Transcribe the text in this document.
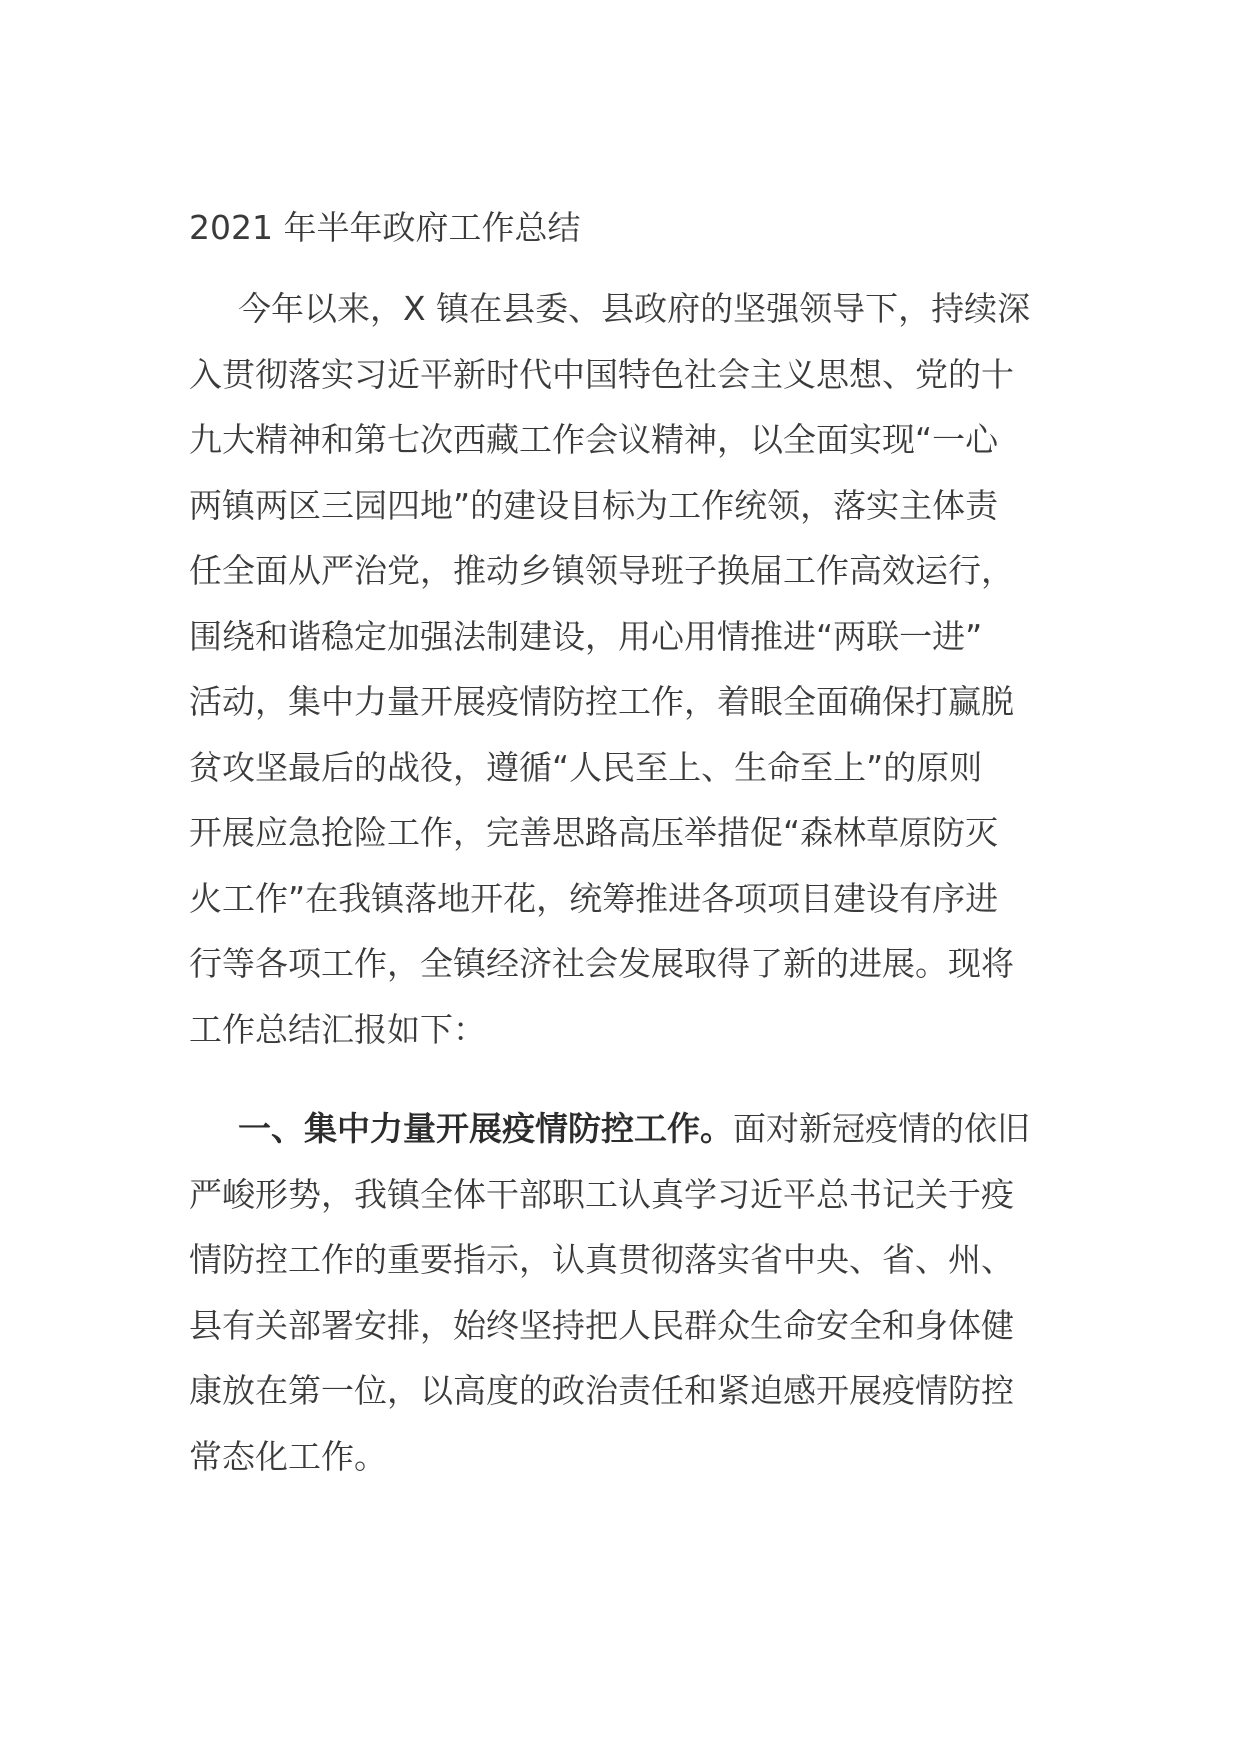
2021 年半年政府工作总结

今年以来，X 镇在县委、县政府的坚强领导下，持续深
入贯彻落实习近平新时代中国特色社会主义思想、党的十
九大精神和第七次西藏工作会议精神，以全面实现“一心
两镇两区三园四地”的建设目标为工作统领，落实主体责
任全面从严治党，推动乡镇领导班子换届工作高效运行，
围绕和谐稳定加强法制建设，用心用情推进“两联一进”
活动，集中力量开展疫情防控工作，着眼全面确保打赢脱
贫攻坚最后的战役，遵循“人民至上、生命至上”的原则
开展应急抢险工作，完善思路高压举措促“森林草原防灭
火工作”在我镇落地开花，统筹推进各项项目建设有序进
行等各项工作，全镇经济社会发展取得了新的进展。现将
工作总结汇报如下：

一、集中力量开展疫情防控工作。面对新冠疫情的依旧
严峻形势，我镇全体干部职工认真学习近平总书记关于疫
情防控工作的重要指示，认真贯彻落实省中央、省、州、
县有关部署安排，始终坚持把人民群众生命安全和身体健
康放在第一位，以高度的政治责任和紧迫感开展疫情防控
常态化工作。
